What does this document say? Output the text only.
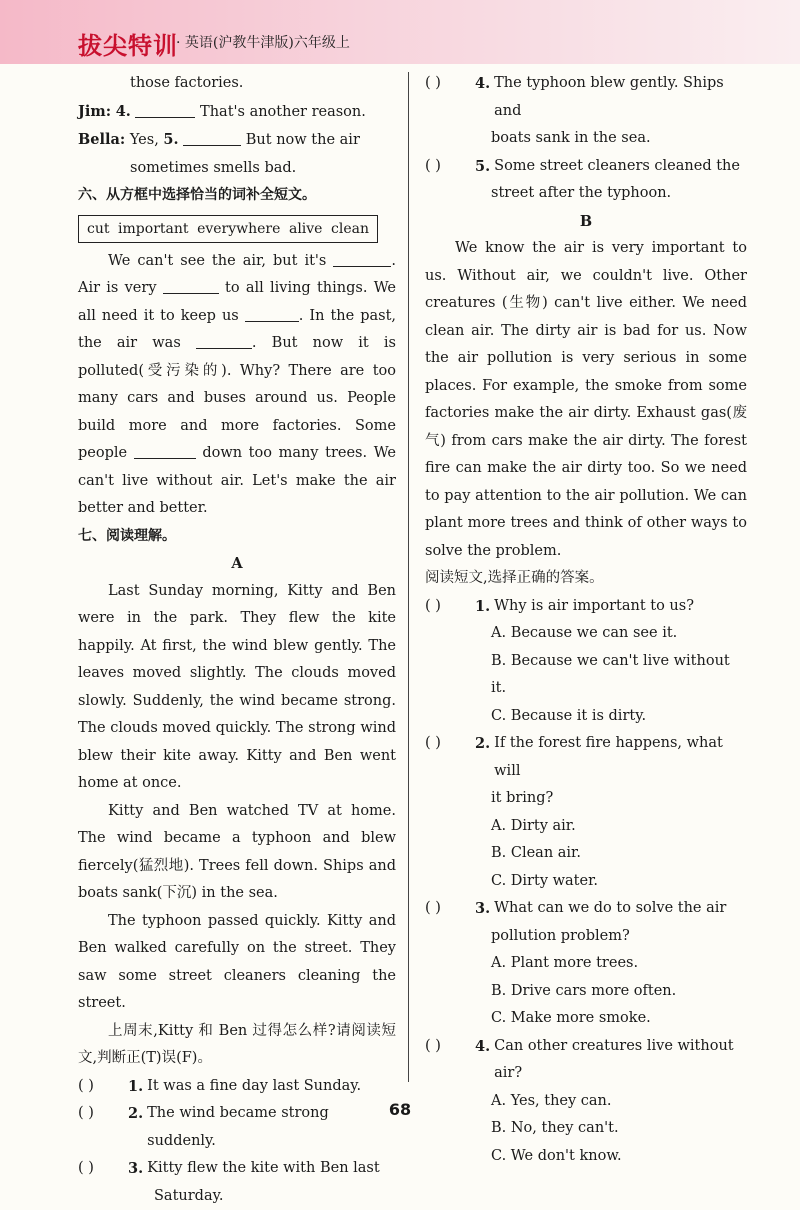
拔尖特训
· 英语(沪教牛津版)六年级上

those factories.

Jim: 4.	That's another reason.

Bella: Yes, 5.	But now the air

sometimes smells bad.

六、从方框中选择恰当的词补全短文。

cut important everywhere alive clean

We can't see the air, but it's	. Air is very	to all living things. We all need it to keep us	. In the past, the air was	. But now it is polluted(受污染的). Why? There are too many cars and buses around us. People build more and more factories. Some people	down too many trees. We can't live without air. Let's make the air better and better.

七、阅读理解。

A

Last Sunday morning, Kitty and Ben were in the park. They flew the kite happily. At first, the wind blew gently. The leaves moved slightly. The clouds moved slowly. Suddenly, the wind became strong. The clouds moved quickly. The strong wind blew their kite away. Kitty and Ben went home at once.

Kitty and Ben watched TV at home. The wind became a typhoon and blew fiercely(猛烈地). Trees fell down. Ships and boats sank(下沉) in the sea.

The typhoon passed quickly. Kitty and Ben walked carefully on the street. They saw some street cleaners cleaning the street.

上周末,Kitty 和 Ben 过得怎么样?请阅读短文,判断正(T)误(F)。

( )	1. It was a fine day last Sunday.
( )	2. The wind became strong suddenly.
( )	3. Kitty flew the kite with Ben last

Saturday.

( )	4. The typhoon blew gently. Ships and

boats sank in the sea.

( )	5. Some street cleaners cleaned the

street after the typhoon.

B

We know the air is very important to us. Without air, we couldn't live. Other creatures (生物) can't live either. We need clean air. The dirty air is bad for us. Now the air pollution is very serious in some places. For example, the smoke from some factories make the air dirty. Exhaust gas(废气) from cars make the air dirty. The forest fire can make the air dirty too. So we need to pay attention to the air pollution. We can plant more trees and think of other ways to solve the problem.

阅读短文,选择正确的答案。

( )	1. Why is air important to us?

A. Because we can see it.

B. Because we can't live without it.

C. Because it is dirty.

( )	2. If the forest fire happens, what will

it bring?

A. Dirty air.

B. Clean air.

C. Dirty water.

( )	3. What can we do to solve the air

pollution problem?

A. Plant more trees.

B. Drive cars more often.

C. Make more smoke.

( )	4. Can other creatures live without air?

A. Yes, they can.

B. No, they can't.

C. We don't know.

68
